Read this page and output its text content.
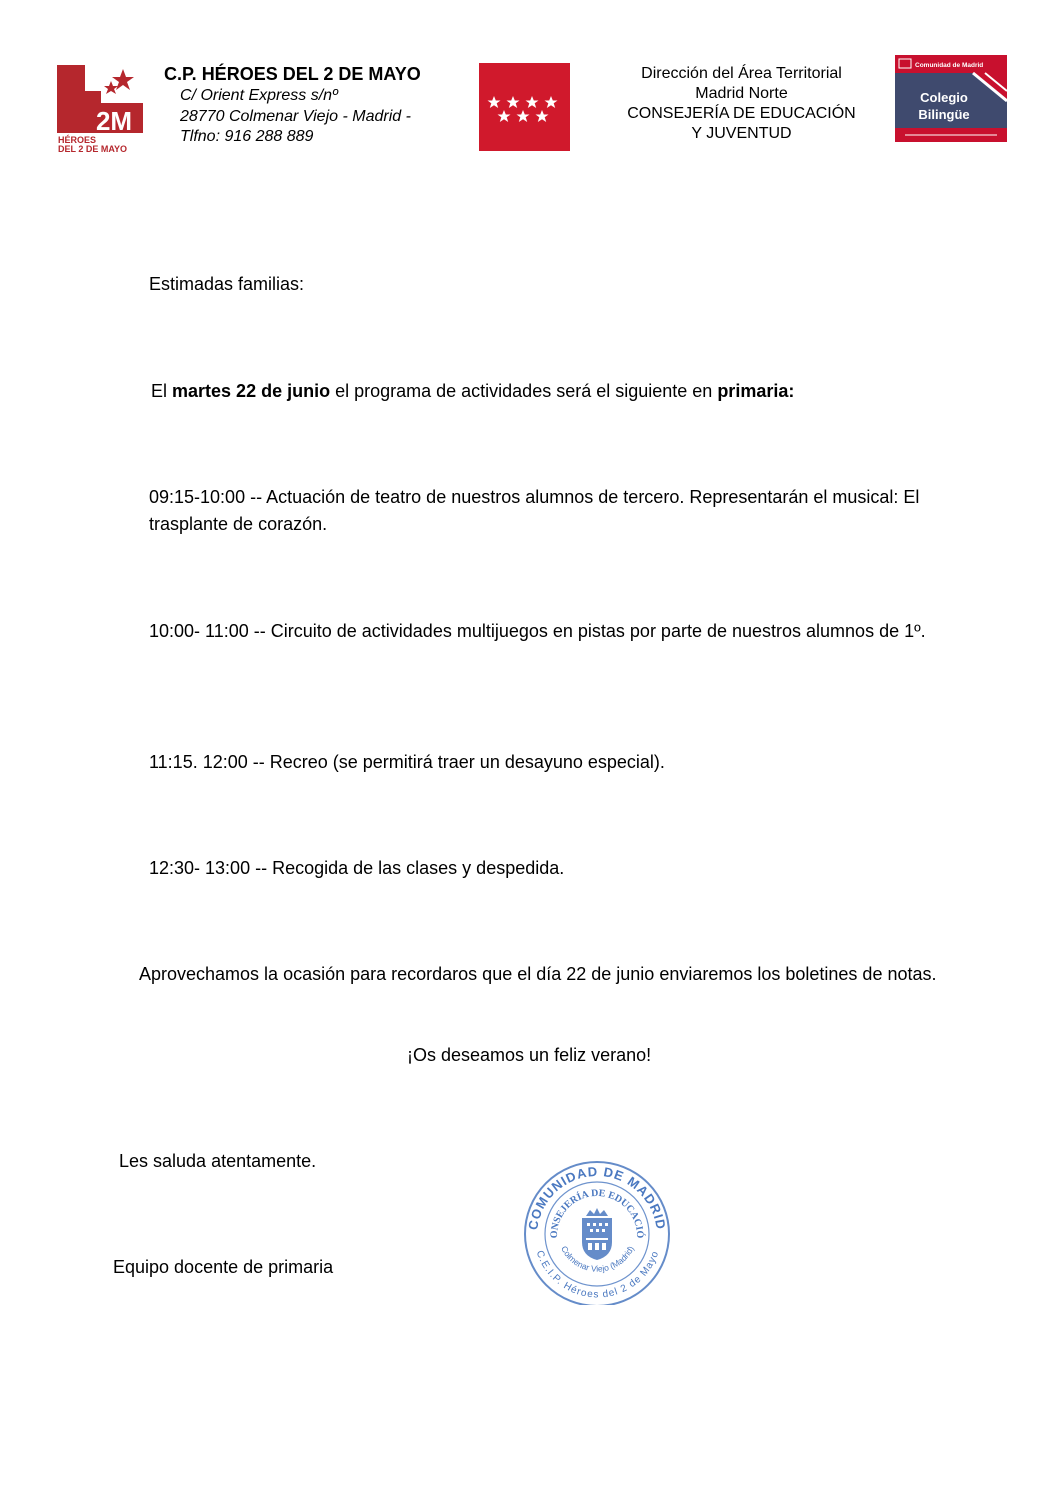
2M
HÉROES
DEL 2 DE MAYO
C.P. HÉROES DEL 2 DE MAYO
C/ Orient Express s/nº
28770 Colmenar Viejo - Madrid -
Tlfno: 916 288 889
Dirección del Área Territorial
Madrid Norte
CONSEJERÍA DE EDUCACIÓN
Y JUVENTUD
Comunidad de Madrid
Colegio
Bilingüe
Estimadas familias:
El martes 22 de junio el programa de actividades será el siguiente en primaria:
09:15-10:00 -- Actuación de teatro de nuestros alumnos de tercero. Representarán el musical: El trasplante de corazón.
10:00- 11:00 -- Circuito de actividades multijuegos en pistas por parte de nuestros alumnos de 1º.
11:15. 12:00 -- Recreo (se permitirá traer un desayuno especial).
12:30- 13:00 -- Recogida de las clases y despedida.
Aprovechamos la ocasión para recordaros que el día 22 de junio enviaremos los boletines de notas.
¡Os deseamos un feliz verano!
Les saluda atentamente.
Equipo docente de primaria
COMUNIDAD DE MADRID
ONSEJERÍA DE EDUCACIÓ
C.E.I.P. Héroes del 2 de Mayo
Colmenar Viejo (Madrid)
